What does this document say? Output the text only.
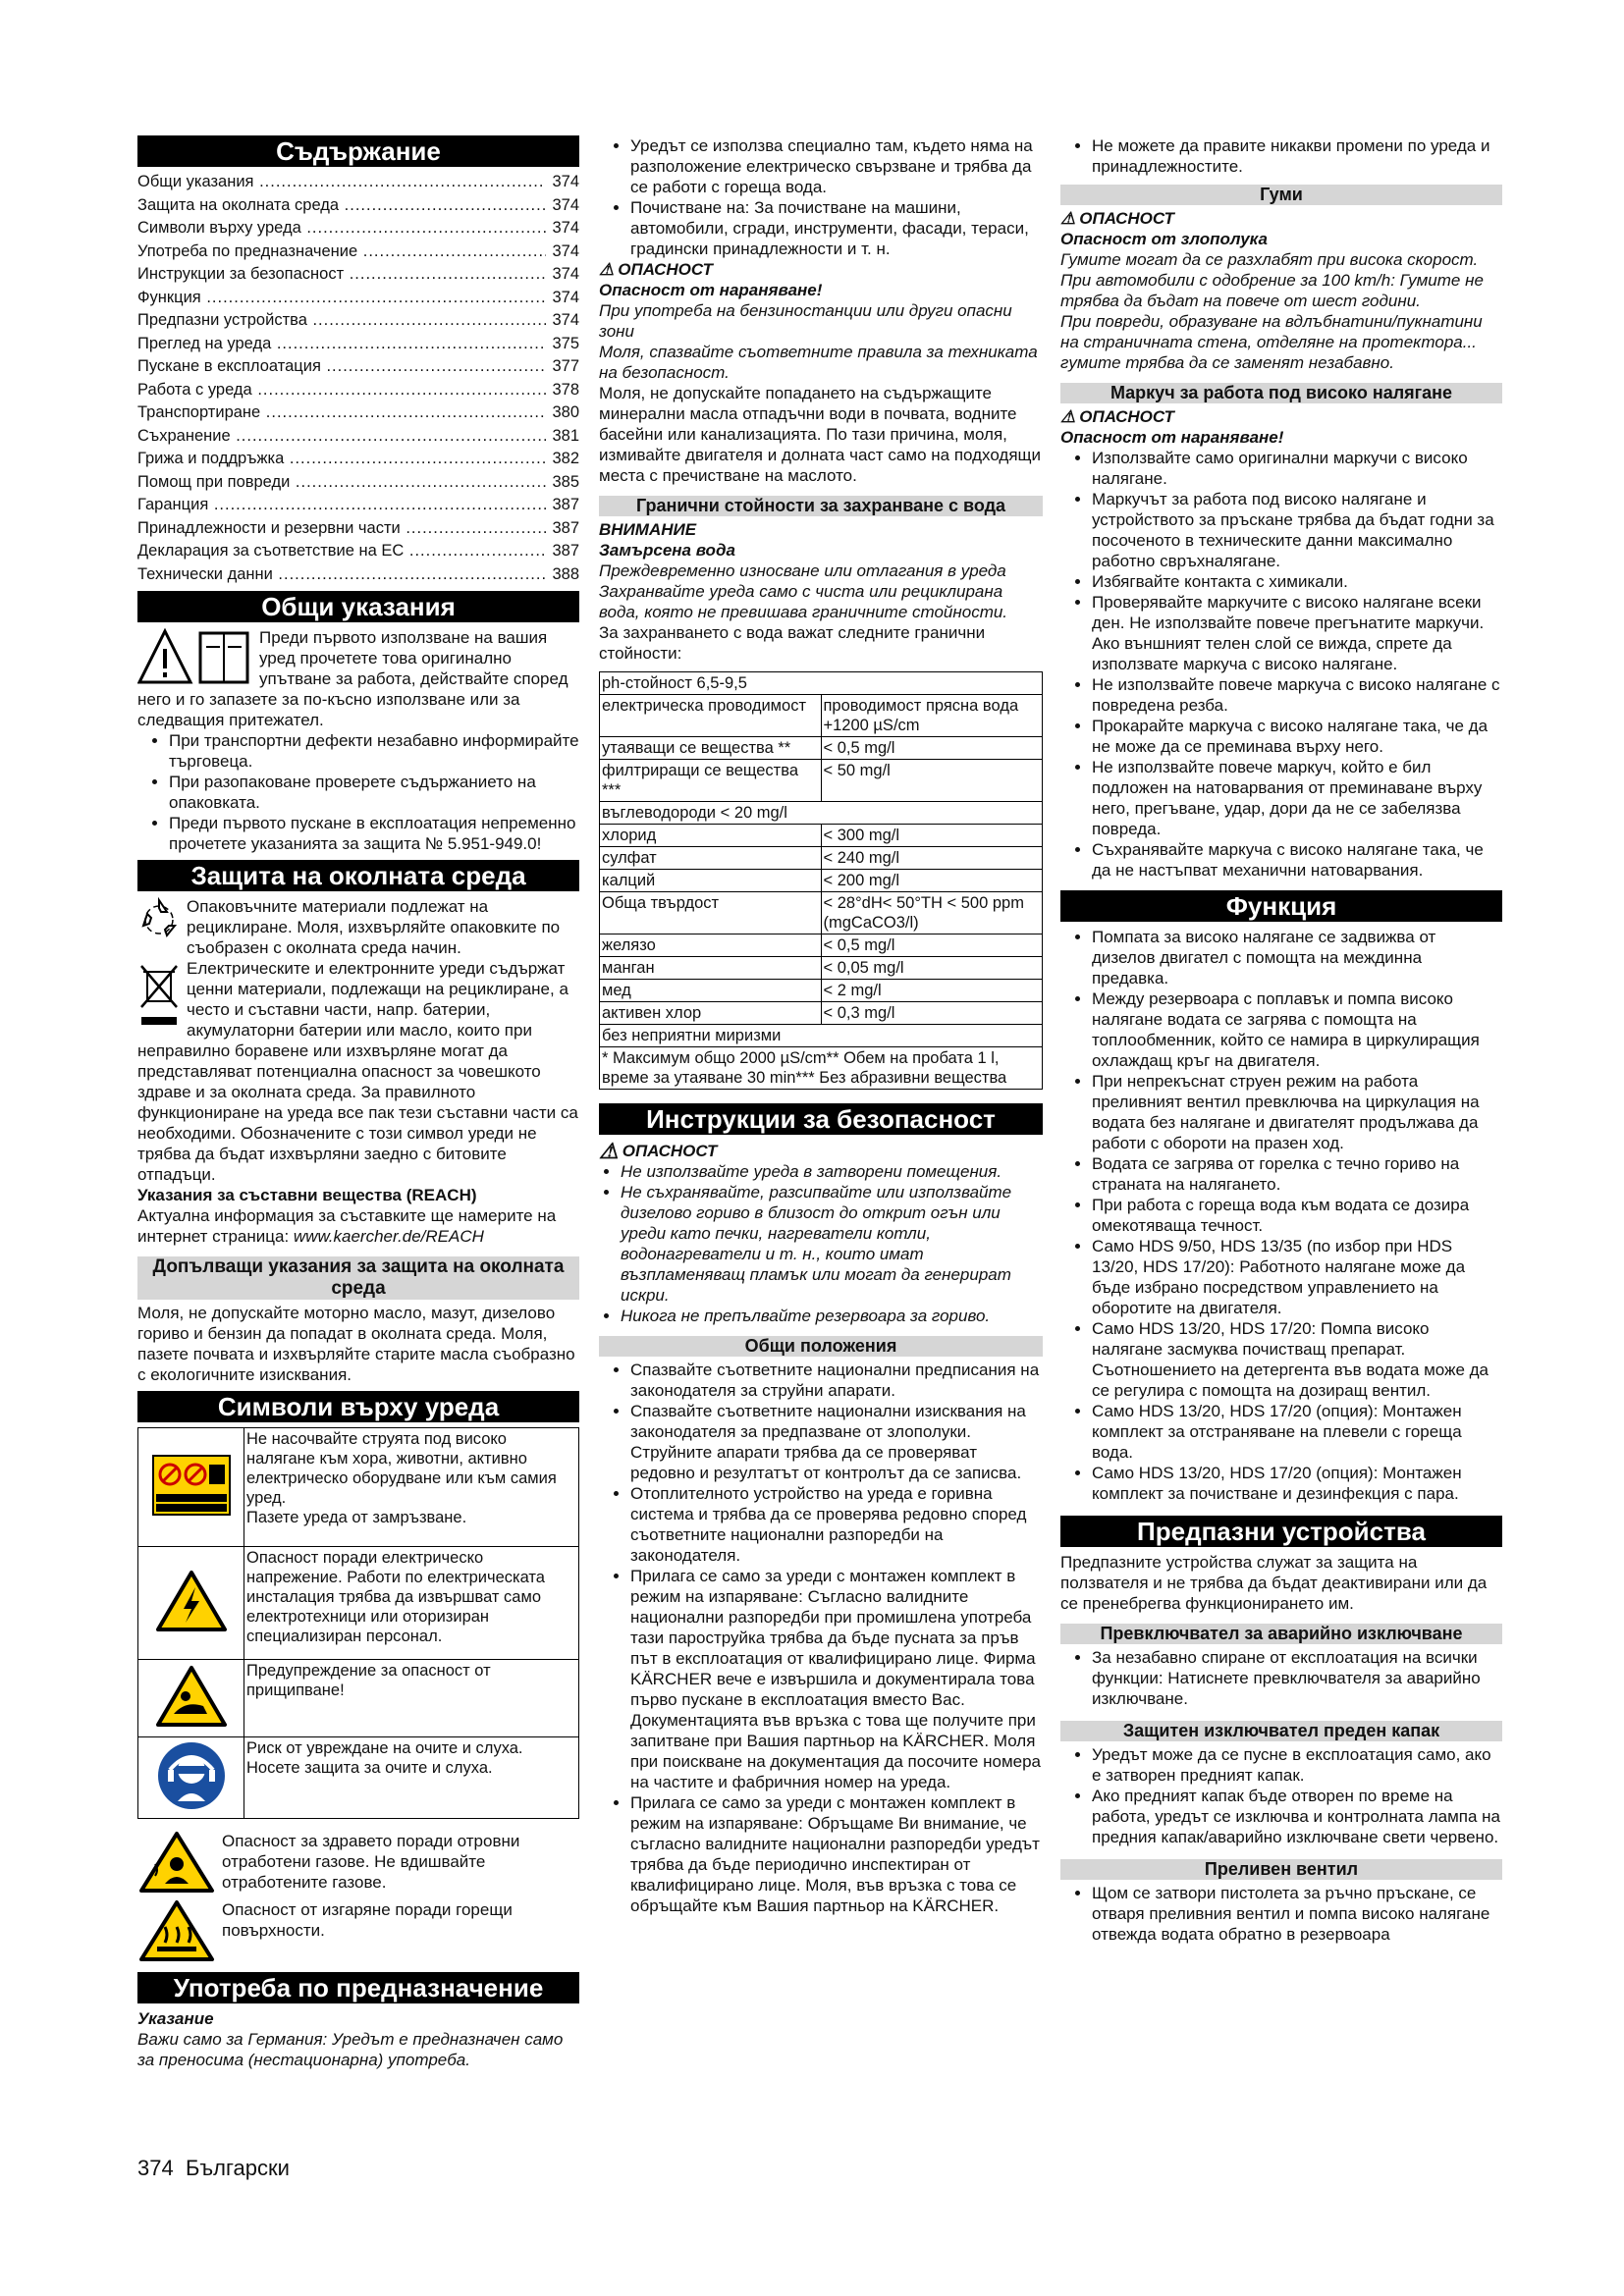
Съдържание
Общи указания .....	374
Защита на околната среда .....	374
Символи върху уреда .....	374
Употреба по предназначение .....	374
Инструкции за безопасност .....	374
Функция .....	374
Предпазни устройства .....	374
Преглед на уреда .....	375
Пускане в експлоатация .....	377
Работа с уреда .....	378
Транспортиране .....	380
Съхранение .....	381
Грижа и поддръжка .....	382
Помощ при повреди .....	385
Гаранция .....	387
Принадлежности и резервни части .....	387
Декларация за съответствие на ЕС .....	387
Технически данни .....	388
Общи указания

Преди първото използване на вашия уред прочетете това оригинално упътване за работа, действайте според него и го запазете за по-късно използване или за следващия притежател.

• При транспортни дефекти незабавно информирайте търговеца.
• При разопаковане проверете съдържанието на опаковката.
• Преди първото пускане в експлоатация непременно прочетете указанията за защита № 5.951-949.0!
Защита на околната среда

Опаковъчните материали подлежат на рециклиране. Моля, изхвърляйте опаковките по съобразен с околната среда начин.

Електрическите и електронните уреди съдържат ценни материали, подлежащи на рециклиране, а често и съставни части, напр. батерии, акумулаторни батерии или масло, които при неправилно боравене или изхвърляне могат да представляват потенциална опасност за човешкото здраве и за околната среда. За правилното функциониране на уреда все пак тези съставни части са необходими. Обозначените с този символ уреди не трябва да бъдат изхвърляни заедно с битовите отпадъци.

Указания за съставни вещества (REACH)

Актуална информация за съставките ще намерите на интернет страница: www.kaercher.de/REACH

Допълващи указания за защита на околната среда

Моля, не допускайте моторно масло, мазут, дизелово гориво и бензин да попадат в околната среда. Моля, пазете почвата и изхвърляйте старите масла съобразно с екологичните изисквания.

Символи върху уреда
	Не насочвайте струята под високо налягане към хора, животни, активно електрическо оборудване или към самия уред.
Пазете уреда от замръзване.
	Опасност поради електрическо напрежение. Работи по електрическата инсталация трябва да извършват само електротехници или оторизиран специализиран персонал.
	Предупреждение за опасност от прищипване!
	Риск от увреждане на очите и слуха. Носете защита за очите и слуха.

Опасност за здравето поради отровни отработени газове. Не вдишвайте отработените газове.

Опасност от изгаряне поради горещи повърхности.

Употреба по предназначение

Указание

Важи само за Германия: Уредът е предназначен само за преносима (нестационарна) употреба.

• Уредът се използва специално там, където няма на разположение електрическо свързване и трябва да се работи с гореща вода.
• Почистване на: За почистване на машини, автомобили, сгради, инструменти, фасади, тераси, градински принадлежности и т. н.
⚠ ОПАСНОСТ

Опасност от нараняване!

При употреба на бензиностанции или други опасни зони

Моля, спазвайте съответните правила за техниката на безопасност.

Моля, не допускайте попадането на съдържащите минерални масла отпадъчни води в почвата, водните басейни или канализацията. По тази причина, моля, измивайте двигателя и долната част само на подходящи места с пречистване на маслото.

Гранични стойности за захранване с вода

ВНИМАНИЕ

Замърсена вода

Преждевременно износване или отлагания в уреда Захранвайте уреда само с чиста или рециклирана вода, която не превишава граничните стойности.

За захранването с вода важат следните гранични стойности:

ph-стойност 6,5-9,5	
електрическа проводимост	проводимост прясна вода +1200 µS/cm
утаяващи се вещества **	< 0,5 mg/l
филтриращи се вещества ***	< 50 mg/l
въглеводороди < 20 mg/l	
хлорид	< 300 mg/l
сулфат	< 240 mg/l
калций	< 200 mg/l
Обща твърдост	< 28°dH< 50°TH < 500 ppm (mgCaCO3/l)
желязо	< 0,5 mg/l
манган	< 0,05 mg/l
мед	< 2 mg/l
активен хлор	< 0,3 mg/l
без неприятни миризми	
* Максимум общо 2000 µS/cm** Обем на пробата 1 l, време за утаяване 30 min*** Без абразивни вещества	
Инструкции за безопасност
⚠ ОПАСНОСТ
• Не използвайте уреда в затворени помещения.
• Не съхранявайте, разсипвайте или използвайте дизелово гориво в близост до открит огън или уреди като печки, нагреватели котли, водонагреватели и т. н., които имат възпламеняващ пламък или могат да генерират искри.
• Никога не препълвайте резервоара за гориво.
Общи положения
• Спазвайте съответните национални предписания на законодателя за струйни апарати.
• Спазвайте съответните национални изисквания на законодателя за предпазване от злополуки. Струйните апарати трябва да се проверяват редовно и резултатът от контролът да се записва.
• Отоплителното устройство на уреда е горивна система и трябва да се проверява редовно според съответните национални разпоредби на законодателя.
• Прилага се само за уреди с монтажен комплект в режим на изпаряване: Съгласно валидните национални разпоредби при промишлена употреба тази пароструйка трябва да бъде пусната за пръв път в експлоатация от квалифицирано лице. Фирма KÄRCHER вече е извършила и документирала това първо пускане в експлоатация вместо Вас. Документацията във връзка с това ще получите при запитване при Вашия партньор на KÄRCHER. Моля при поискване на документация да посочите номера на частите и фабричния номер на уреда.
• Прилага се само за уреди с монтажен комплект в режим на изпаряване: Обръщаме Ви внимание, че съгласно валидните национални разпоредби уредът трябва да бъде периодично инспектиран от квалифицирано лице. Моля, във връзка с това се обръщайте към Вашия партньор на KÄRCHER.
• Не можете да правите никакви промени по уреда и принадлежностите.
Гуми
⚠ ОПАСНОСТ

Опасност от злополука

Гумите могат да се разхлабят при висока скорост.
При автомобили с одобрение за 100 km/h: Гумите не трябва да бъдат на повече от шест години.
При повреди, образуване на вдлъбнатини/пукнатини на страничната стена, отделяне на протектора... гумите трябва да се заменят незабавно.

Маркуч за работа под високо налягане
⚠ ОПАСНОСТ

Опасност от нараняване!

• Използвайте само оригинални маркучи с високо налягане.
• Маркучът за работа под високо налягане и устройството за пръскане трябва да бъдат годни за посоченото в техническите данни максимално работно свръхналягане.
• Избягвайте контакта с химикали.
• Проверявайте маркучите с високо налягане всеки ден. Не използвайте повече прегънатите маркучи. Ако външният телен слой се вижда, спрете да използвате маркуча с високо налягане.
• Не използвайте повече маркуча с високо налягане с повредена резба.
• Прокарайте маркуча с високо налягане така, че да не може да се преминава върху него.
• Не използвайте повече маркуч, който е бил подложен на натоварвания от преминаване върху него, прегъване, удар, дори да не се забелязва повреда.
• Съхранявайте маркуча с високо налягане така, че да не настъпват механични натоварвания.
Функция
• Помпата за високо налягане се задвижва от дизелов двигател с помощта на междинна предавка.
• Между резервоара с поплавък и помпа високо налягане водата се загрява с помощта на топлообменник, който се намира в циркулиращия охлаждащ кръг на двигателя.
• При непрекъснат струен режим на работа преливният вентил превключва на циркулация на водата без налягане и двигателят продължава да работи с обороти на празен ход.
• Водата се загрява от горелка с течно гориво на страната на налягането.
• При работа с гореща вода към водата се дозира омекотяваща течност.
• Само HDS 9/50, HDS 13/35 (по избор при HDS 13/20, HDS 17/20): Работното налягане може да бъде избрано посредством управлението на оборотите на двигателя.
• Само HDS 13/20, HDS 17/20: Помпа високо налягане засмуква почистващ препарат. Съотношението на детергента във водата може да се регулира с помощта на дозиращ вентил.
• Само HDS 13/20, HDS 17/20 (опция): Монтажен комплект за отстраняване на плевели с гореща вода.
• Само HDS 13/20, HDS 17/20 (опция): Монтажен комплект за почистване и дезинфекция с пара.
Предпазни устройства

Предпазните устройства служат за защита на ползвателя и не трябва да бъдат деактивирани или да се пренебрегва функционирането им.

Превключвател за аварийно изключване
• За незабавно спиране от експлоатация на всички функции: Натиснете превключвателя за аварийно изключване.
Защитен изключвател преден капак
• Уредът може да се пусне в експлоатация само, ако е затворен предният капак.
• Ако предният капак бъде отворен по време на работа, уредът се изключва и контролната лампа на предния капак/аварийно изключване свети червено.
Преливен вентил
• Щом се затвори пистолета за ръчно пръскане, се отваря преливния вентил и помпа високо налягане отвежда водата обратно в резервоара
374 Български
